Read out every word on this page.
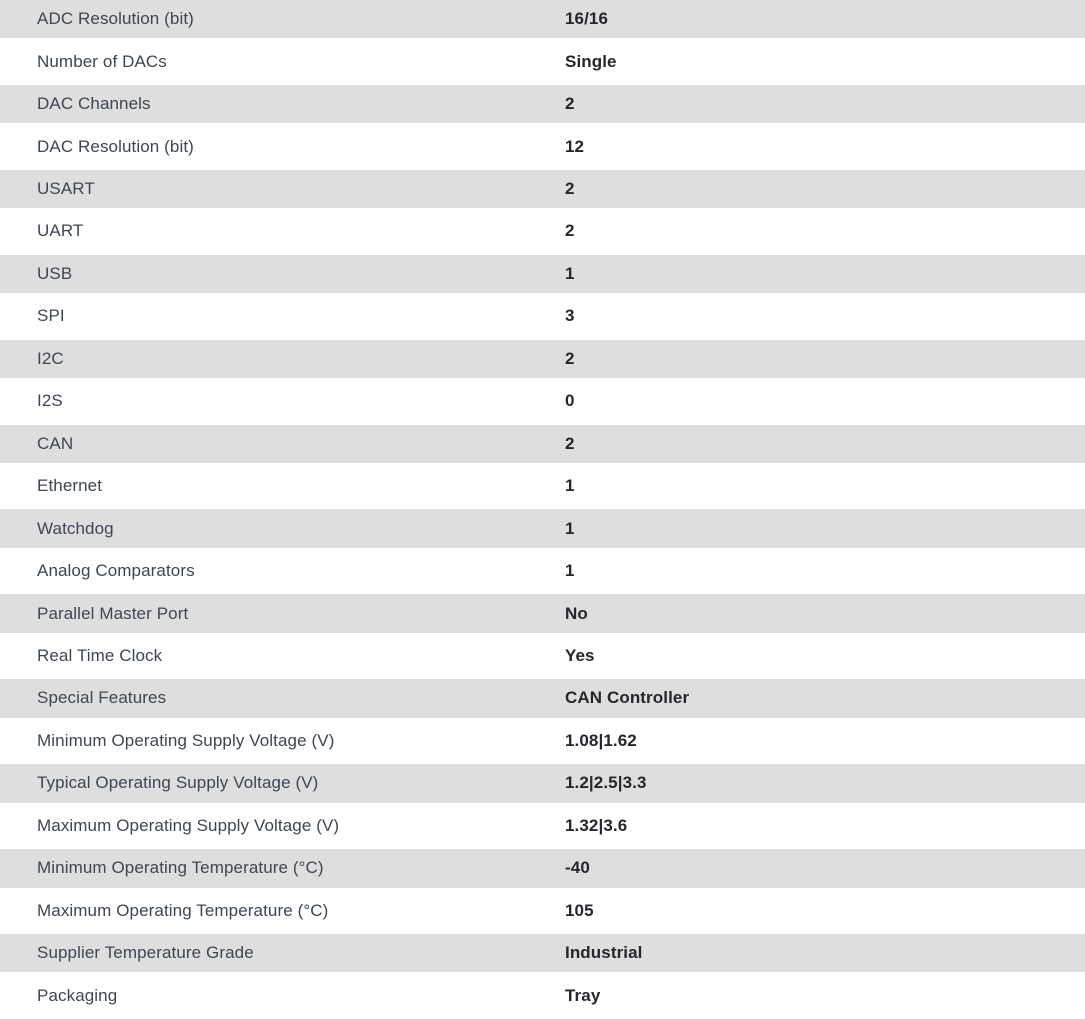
ADC Resolution (bit)	16/16
Number of DACs	Single
DAC Channels	2
DAC Resolution (bit)	12
USART	2
UART	2
USB	1
SPI	3
I2C	2
I2S	0
CAN	2
Ethernet	1
Watchdog	1
Analog Comparators	1
Parallel Master Port	No
Real Time Clock	Yes
Special Features	CAN Controller
Minimum Operating Supply Voltage (V)	1.08|1.62
Typical Operating Supply Voltage (V)	1.2|2.5|3.3
Maximum Operating Supply Voltage (V)	1.32|3.6
Minimum Operating Temperature (°C)	-40
Maximum Operating Temperature (°C)	105
Supplier Temperature Grade	Industrial
Packaging	Tray
